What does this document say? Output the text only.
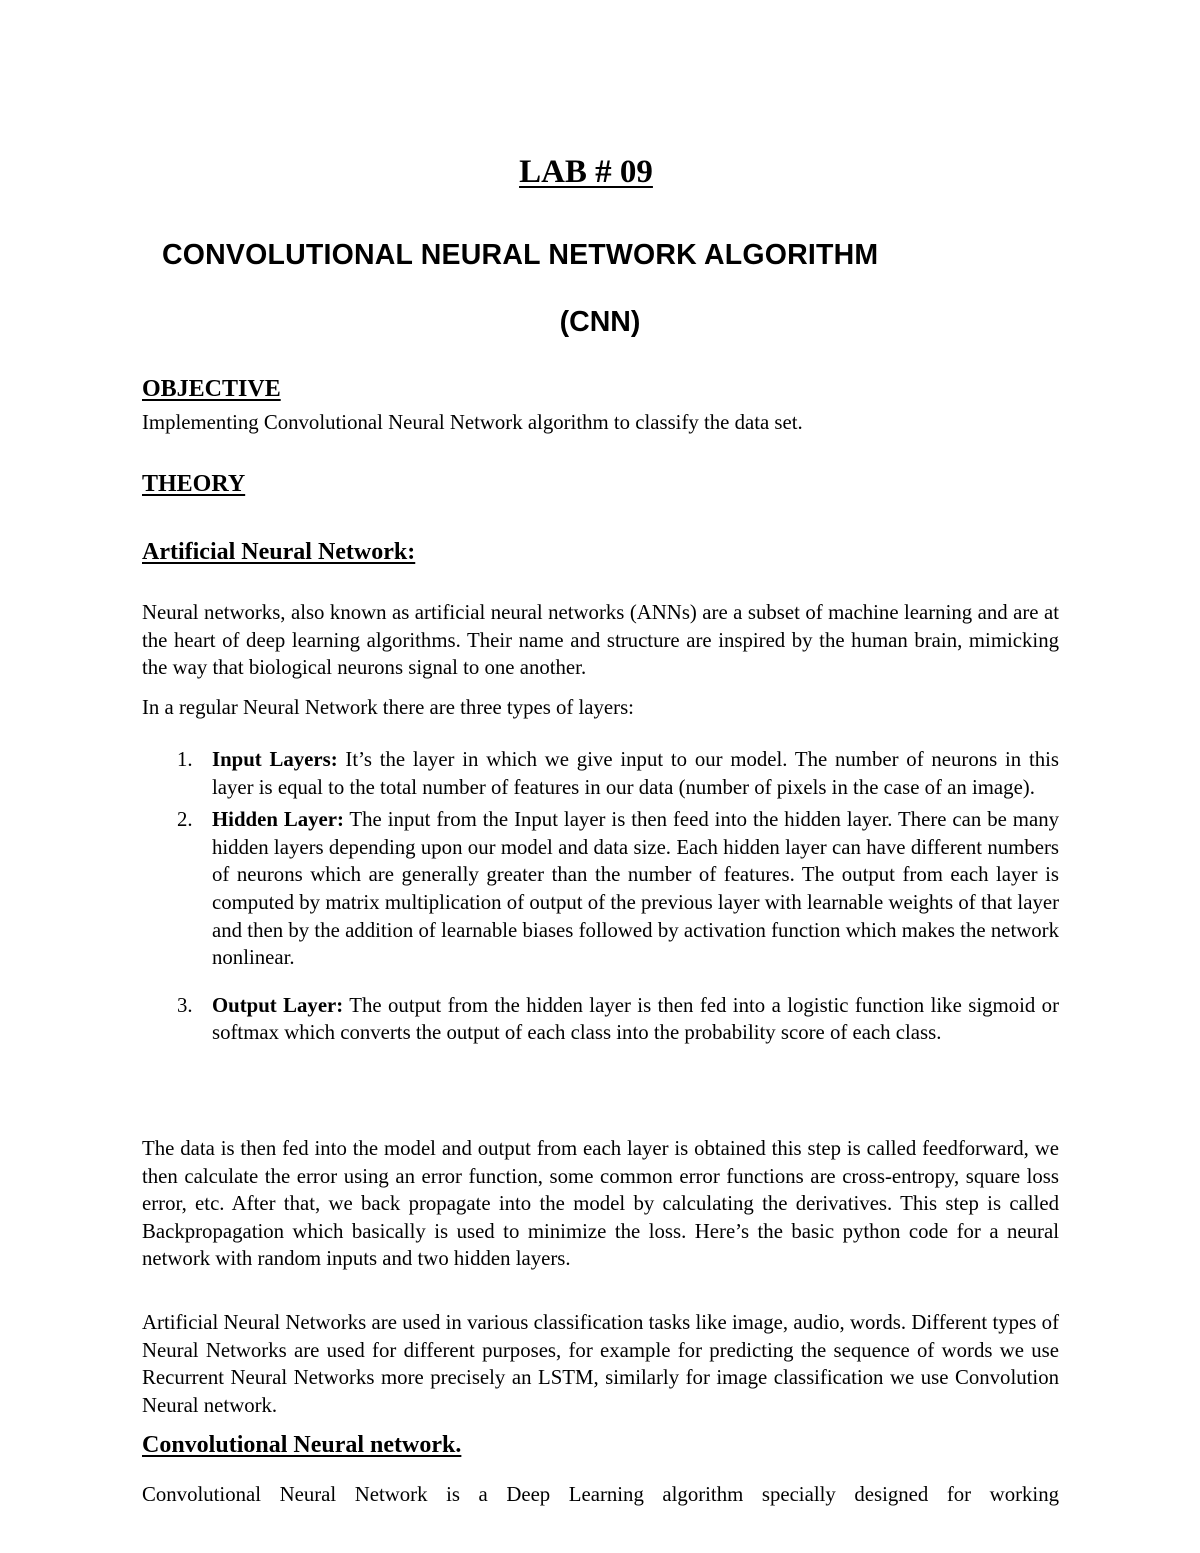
LAB # 09
CONVOLUTIONAL NEURAL NETWORK ALGORITHM
(CNN)
OBJECTIVE
Implementing Convolutional Neural Network algorithm to classify the data set.
THEORY
Artificial Neural Network:
Neural networks, also known as artificial neural networks (ANNs) are a subset of machine learning and are at the heart of deep learning algorithms. Their name and structure are inspired by the human brain, mimicking the way that biological neurons signal to one another.
In a regular Neural Network there are three types of layers:
1. Input Layers: It’s the layer in which we give input to our model. The number of neurons in this layer is equal to the total number of features in our data (number of pixels in the case of an image).
2. Hidden Layer: The input from the Input layer is then feed into the hidden layer. There can be many hidden layers depending upon our model and data size. Each hidden layer can have different numbers of neurons which are generally greater than the number of features. The output from each layer is computed by matrix multiplication of output of the previous layer with learnable weights of that layer and then by the addition of learnable biases followed by activation function which makes the network nonlinear.
3. Output Layer: The output from the hidden layer is then fed into a logistic function like sigmoid or softmax which converts the output of each class into the probability score of each class.
The data is then fed into the model and output from each layer is obtained this step is called feedforward, we then calculate the error using an error function, some common error functions are cross-entropy, square loss error, etc. After that, we back propagate into the model by calculating the derivatives. This step is called Backpropagation which basically is used to minimize the loss. Here’s the basic python code for a neural network with random inputs and two hidden layers.
Artificial Neural Networks are used in various classification tasks like image, audio, words. Different types of Neural Networks are used for different purposes, for example for predicting the sequence of words we use Recurrent Neural Networks more precisely an LSTM, similarly for image classification we use Convolution Neural network.
Convolutional Neural network.
Convolutional Neural Network is a Deep Learning algorithm specially designed for working
